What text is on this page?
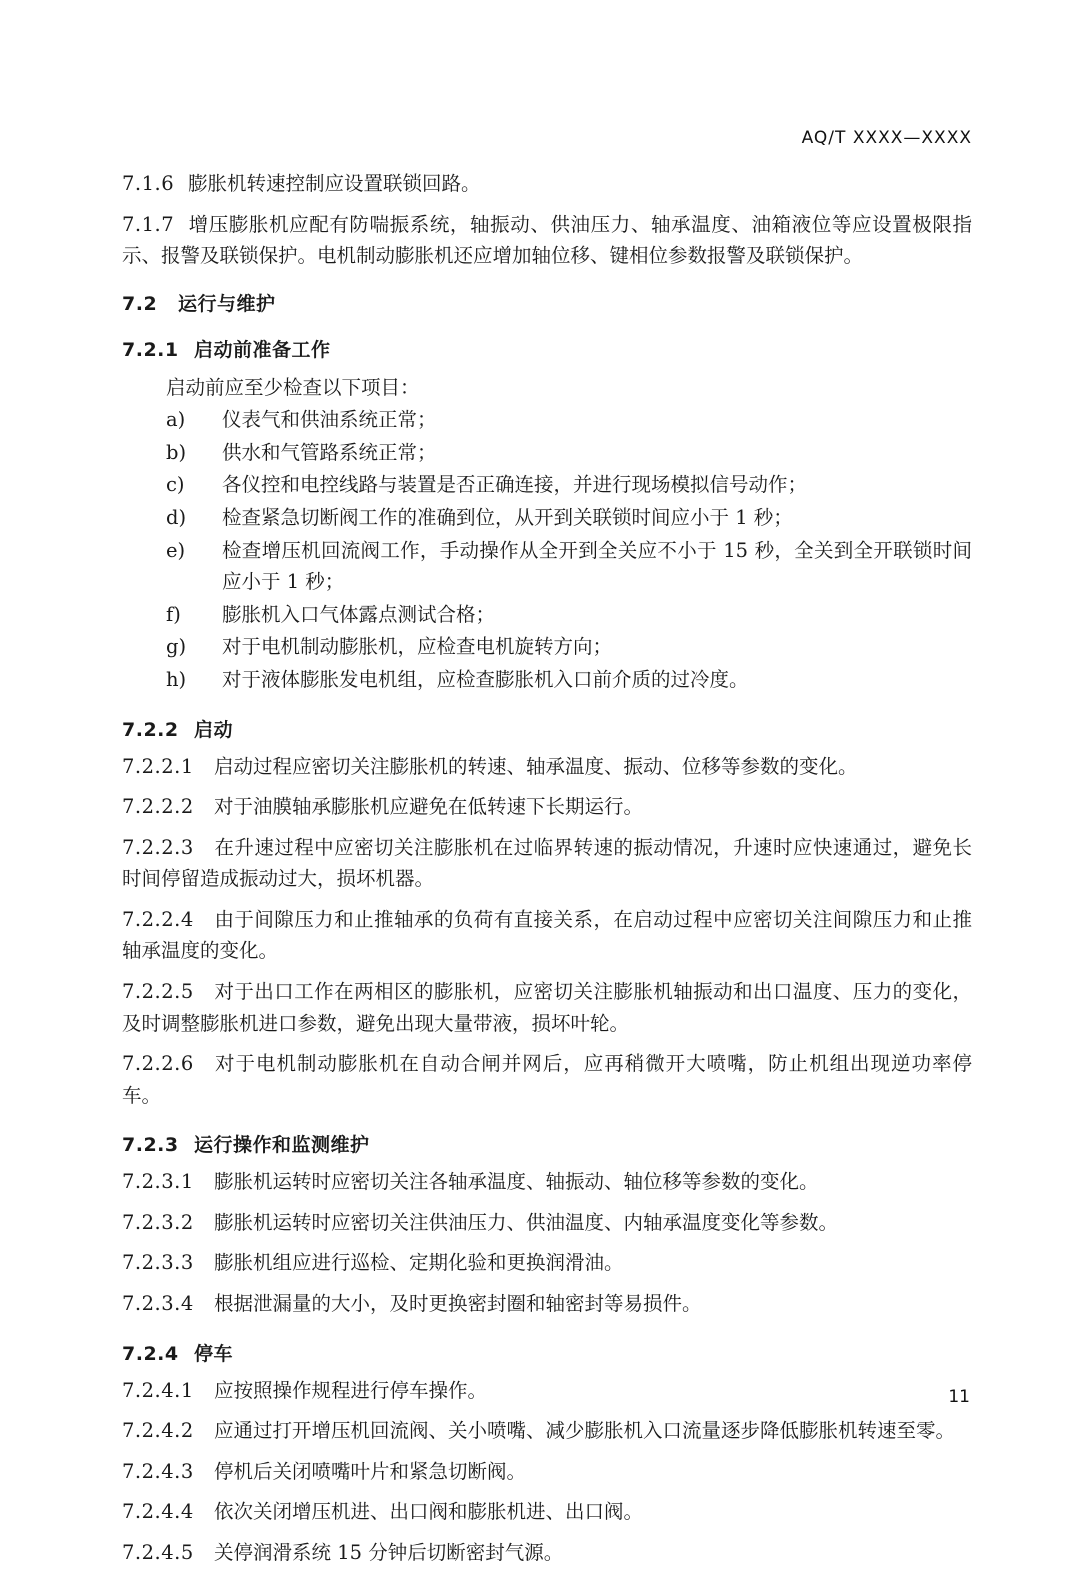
AQ/T XXXX—XXXX
7.1.6 膨胀机转速控制应设置联锁回路。
7.1.7 增压膨胀机应配有防喘振系统，轴振动、供油压力、轴承温度、油箱液位等应设置极限指示、报警及联锁保护。电机制动膨胀机还应增加轴位移、键相位参数报警及联锁保护。
7.2 运行与维护
7.2.1 启动前准备工作
启动前应至少检查以下项目：
a)	仪表气和供油系统正常；
b)	供水和气管路系统正常；
c)	各仪控和电控线路与装置是否正确连接，并进行现场模拟信号动作；
d)	检查紧急切断阀工作的准确到位，从开到关联锁时间应小于 1 秒；
e)	检查增压机回流阀工作，手动操作从全开到全关应不小于 15 秒，全关到全开联锁时间应小于 1 秒；
f)	膨胀机入口气体露点测试合格；
g)	对于电机制动膨胀机，应检查电机旋转方向；
h)	对于液体膨胀发电机组，应检查膨胀机入口前介质的过冷度。
7.2.2 启动
7.2.2.1 启动过程应密切关注膨胀机的转速、轴承温度、振动、位移等参数的变化。
7.2.2.2 对于油膜轴承膨胀机应避免在低转速下长期运行。
7.2.2.3 在升速过程中应密切关注膨胀机在过临界转速的振动情况，升速时应快速通过，避免长时间停留造成振动过大，损坏机器。
7.2.2.4 由于间隙压力和止推轴承的负荷有直接关系，在启动过程中应密切关注间隙压力和止推轴承温度的变化。
7.2.2.5 对于出口工作在两相区的膨胀机，应密切关注膨胀机轴振动和出口温度、压力的变化，及时调整膨胀机进口参数，避免出现大量带液，损坏叶轮。
7.2.2.6 对于电机制动膨胀机在自动合闸并网后，应再稍微开大喷嘴，防止机组出现逆功率停车。
7.2.3 运行操作和监测维护
7.2.3.1 膨胀机运转时应密切关注各轴承温度、轴振动、轴位移等参数的变化。
7.2.3.2 膨胀机运转时应密切关注供油压力、供油温度、内轴承温度变化等参数。
7.2.3.3 膨胀机组应进行巡检、定期化验和更换润滑油。
7.2.3.4 根据泄漏量的大小，及时更换密封圈和轴密封等易损件。
7.2.4 停车
7.2.4.1 应按照操作规程进行停车操作。
7.2.4.2 应通过打开增压机回流阀、关小喷嘴、减少膨胀机入口流量逐步降低膨胀机转速至零。
7.2.4.3 停机后关闭喷嘴叶片和紧急切断阀。
7.2.4.4 依次关闭增压机进、出口阀和膨胀机进、出口阀。
7.2.4.5 关停润滑系统 15 分钟后切断密封气源。
11
